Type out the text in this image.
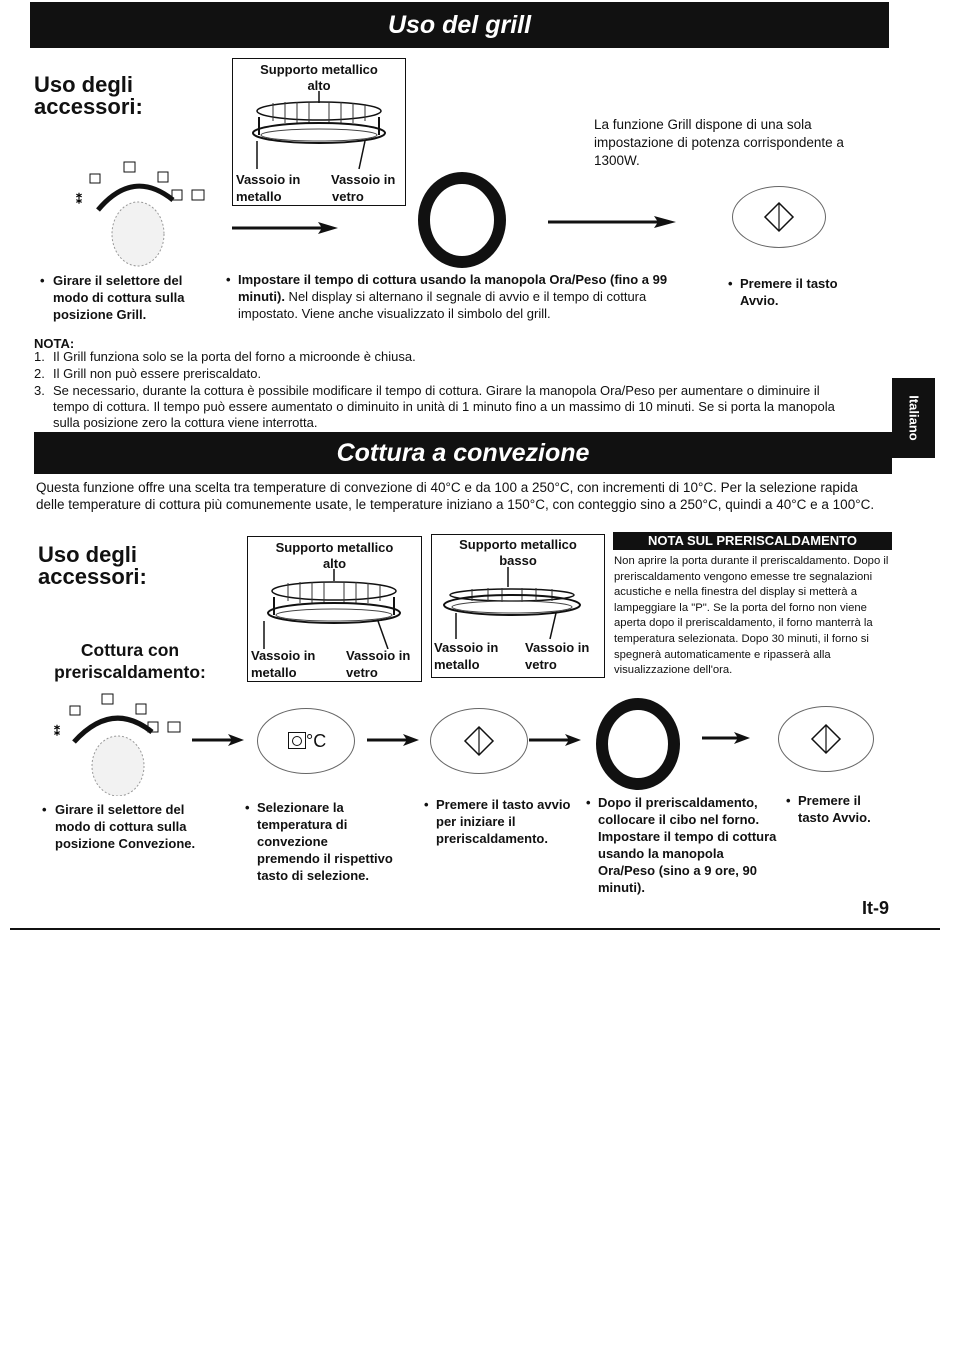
Uso del grill
Uso degli accessori:
Supporto metallico
alto
Vassoio in
metallo
Vassoio in
vetro
La funzione Grill dispone di una sola impostazione di potenza corrispondente a 1300W.
⁑
• Girare il selettore del modo di cottura sulla posizione Grill.
• Impostare il tempo di cottura usando la manopola Ora/Peso (fino a 99 minuti). Nel display si alternano il segnale di avvio e il tempo di cottura impostato. Viene anche visualizzato il simbolo del grill.
• Premere il tasto Avvio.
NOTA:
1. Il Grill funziona solo se la porta del forno a microonde è chiusa.
2. Il Grill non può essere preriscaldato.
3. Se necessario, durante la cottura è possibile modificare il tempo di cottura. Girare la manopola Ora/Peso per aumentare o diminuire il tempo di cottura. Il tempo può essere aumentato o diminuito in unità di 1 minuto fino a un massimo di 10 minuti. Se si porta la manopola sulla posizione zero la cottura viene interrotta.	Italiano
Cottura a convezione
Questa funzione offre una scelta tra temperature di convezione di 40°C e da 100 a 250°C, con incrementi di 10°C. Per la selezione rapida delle temperature di cottura più comunemente usate, le temperature iniziano a 150°C, con conteggio sino a 250°C, quindi a 40°C e a 100°C.
Uso degli accessori:
Cottura con preriscaldamento:
Supporto metallico
alto
Vassoio in
metallo
Vassoio in
vetro
Supporto metallico
basso
Vassoio in
metallo
Vassoio in
vetro
NOTA SUL PRERISCALDAMENTO
Non aprire la porta durante il preriscaldamento. Dopo il preriscaldamento vengono emesse tre segnalazioni acustiche e nella finestra del display si metterà a lampeggiare la "P". Se la porta del forno non viene aperta dopo il preriscaldamento, il forno manterrà la temperatura selezionata. Dopo 30 minuti, il forno si spegnerà automaticamente e ripasserà alla visualizzazione dell'ora.
⁑	°C
• Girare il selettore del modo di cottura sulla posizione Convezione.
• Selezionare la temperatura di convezione premendo il rispettivo tasto di selezione.
• Premere il tasto avvio per iniziare il preriscaldamento.
• Dopo il preriscaldamento, collocare il cibo nel forno. Impostare il tempo di cottura usando la manopola Ora/Peso (sino a 9 ore, 90 minuti).
• Premere il tasto Avvio.
It-9
